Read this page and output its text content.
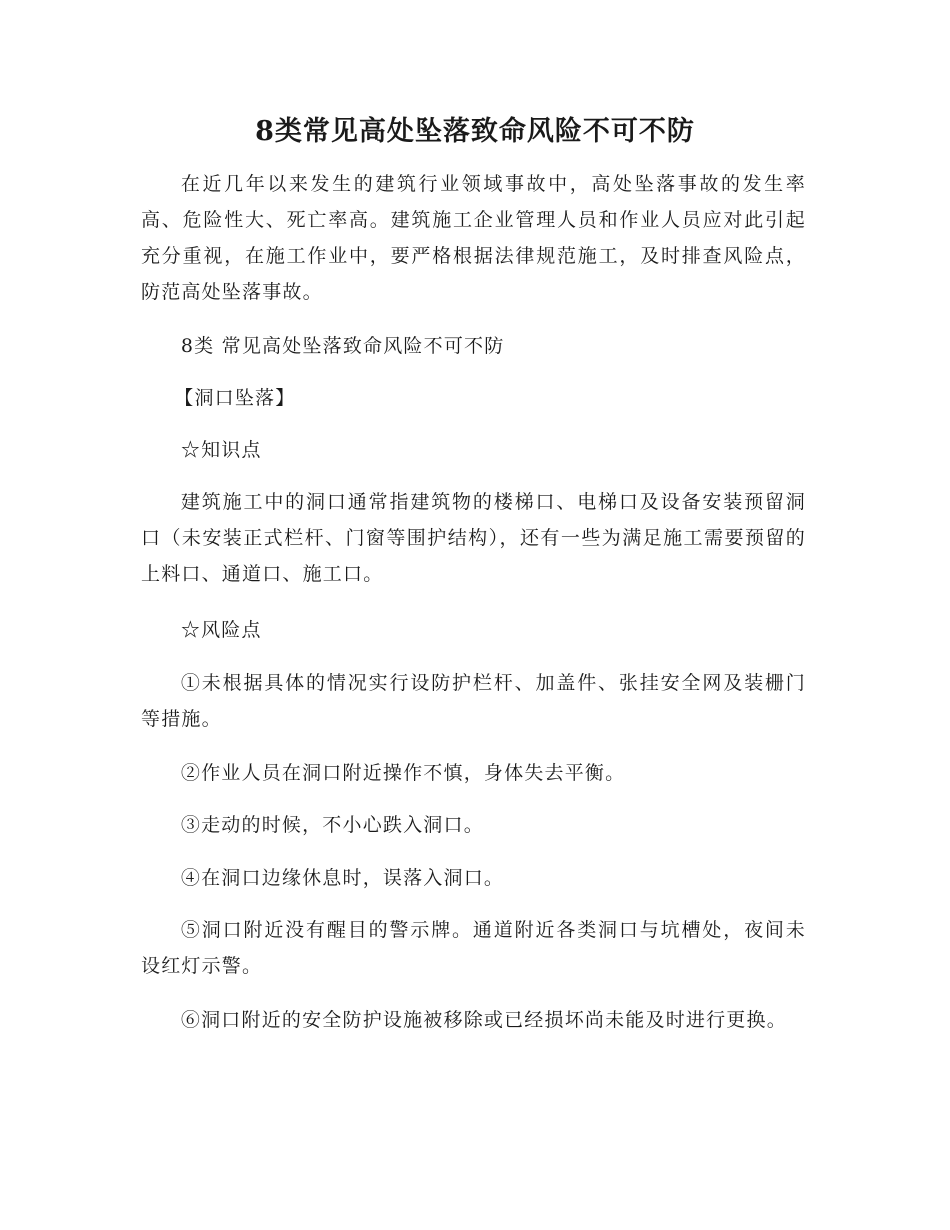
8类常见高处坠落致命风险不可不防

在近几年以来发生的建筑行业领域事故中，高处坠落事故的发生率高、危险性大、死亡率高。建筑施工企业管理人员和作业人员应对此引起充分重视，在施工作业中，要严格根据法律规范施工，及时排查风险点，防范高处坠落事故。

8类 常见高处坠落致命风险不可不防

【洞口坠落】

☆知识点

建筑施工中的洞口通常指建筑物的楼梯口、电梯口及设备安装预留洞口（未安装正式栏杆、门窗等围护结构），还有一些为满足施工需要预留的上料口、通道口、施工口。

☆风险点

①未根据具体的情况实行设防护栏杆、加盖件、张挂安全网及装栅门等措施。

②作业人员在洞口附近操作不慎，身体失去平衡。

③走动的时候，不小心跌入洞口。

④在洞口边缘休息时，误落入洞口。

⑤洞口附近没有醒目的警示牌。通道附近各类洞口与坑槽处，夜间未设红灯示警。

⑥洞口附近的安全防护设施被移除或已经损坏尚未能及时进行更换。
